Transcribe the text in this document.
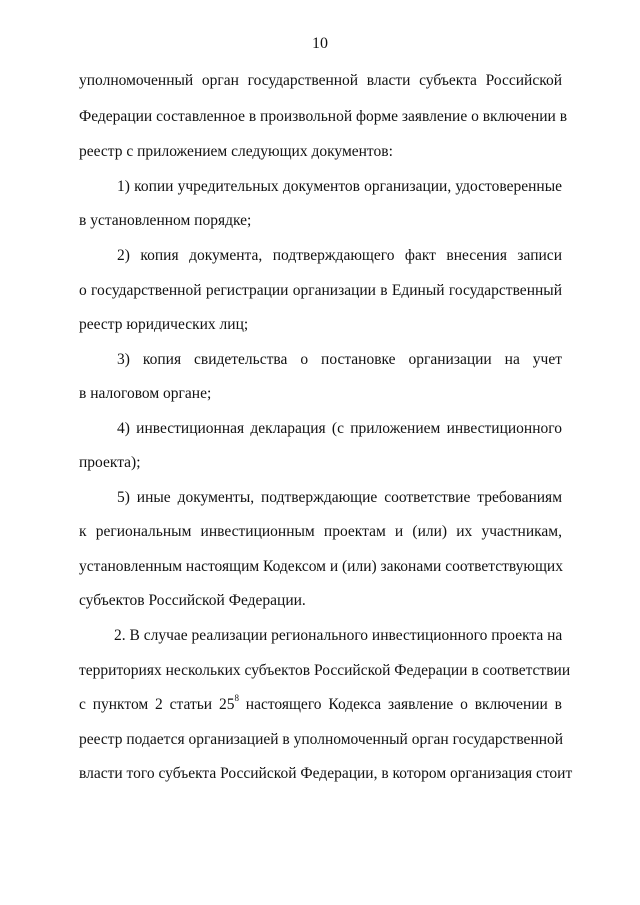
10
уполномоченный орган государственной власти субъекта Российской
Федерации составленное в произвольной форме заявление о включении в
реестр с приложением следующих документов:
1) копии учредительных документов организации, удостоверенные
в установленном порядке;
2) копия документа, подтверждающего факт внесения записи
о государственной регистрации организации в Единый государственный
реестр юридических лиц;
3) копия свидетельства о постановке организации на учет
в налоговом органе;
4) инвестиционная декларация (с приложением инвестиционного
проекта);
5) иные документы, подтверждающие соответствие требованиям
к региональным инвестиционным проектам и (или) их участникам,
установленным настоящим Кодексом и (или) законами соответствующих
субъектов Российской Федерации.
2. В случае реализации регионального инвестиционного проекта на
территориях нескольких субъектов Российской Федерации в соответствии
с пунктом 2 статьи $25^8$ настоящего Кодекса заявление о включении в
реестр подается организацией в уполномоченный орган государственной
власти того субъекта Российской Федерации, в котором организация стоит
